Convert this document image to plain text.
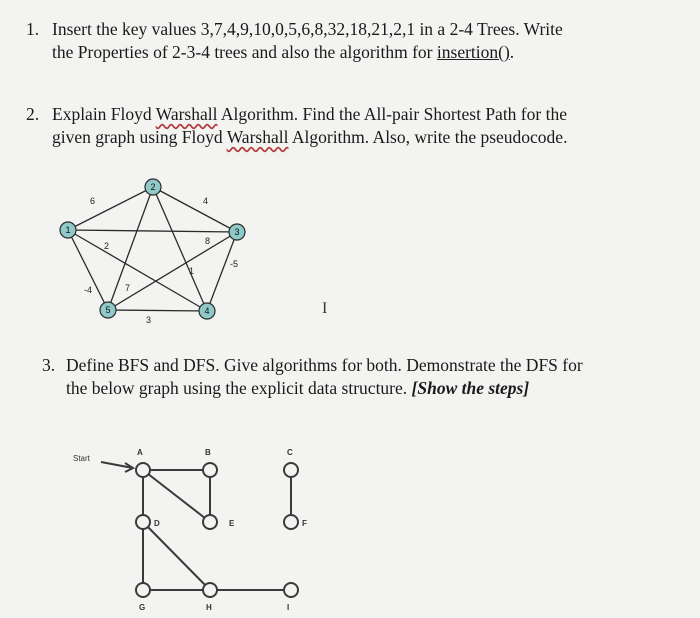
1. Insert the key values 3,7,4,9,10,0,5,6,8,32,18,21,2,1 in a 2-4 Trees. Write
the Properties of 2-3-4 trees and also the algorithm for insertion().
2. Explain Floyd Warshall Algorithm. Find the All-pair Shortest Path for the
given graph using Floyd Warshall Algorithm. Also, write the pseudocode.
6	4
2	8
-5
1
-4	7
3
1
2
3
4
5	I
3. Define BFS and DFS. Give algorithms for both. Demonstrate the DFS for
the below graph using the explicit data structure. [Show the steps]
Start
A	B	C
D	E	F
G	H	I
